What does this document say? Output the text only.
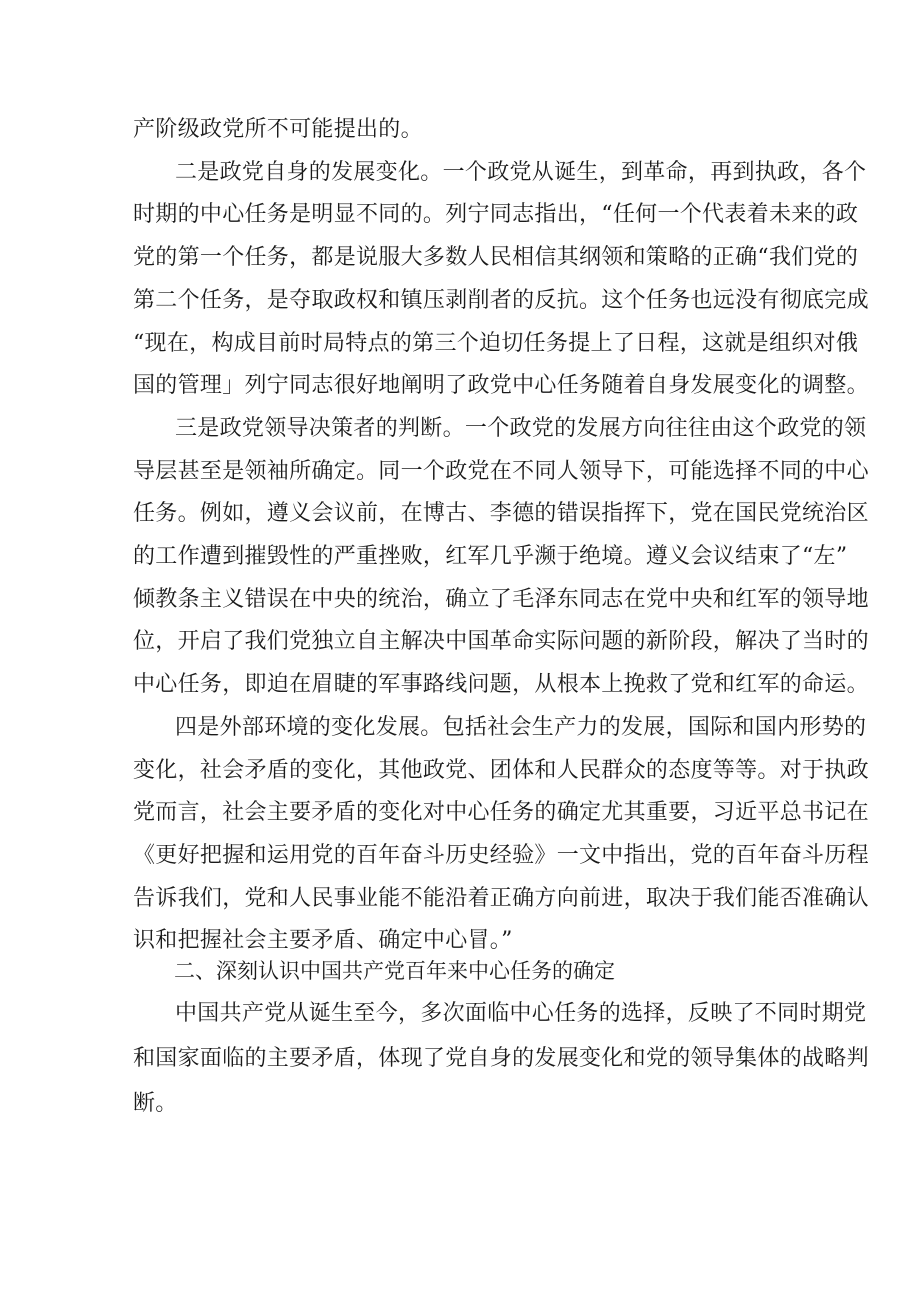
产阶级政党所不可能提出的。
二是政党自身的发展变化。一个政党从诞生，到革命，再到执政，各个
时期的中心任务是明显不同的。列宁同志指出，“任何一个代表着未来的政
党的第一个任务，都是说服大多数人民相信其纲领和策略的正确“我们党的
第二个任务，是夺取政权和镇压剥削者的反抗。这个任务也远没有彻底完成
“现在，构成目前时局特点的第三个迫切任务提上了日程，这就是组织对俄
国的管理」列宁同志很好地阐明了政党中心任务随着自身发展变化的调整。
三是政党领导决策者的判断。一个政党的发展方向往往由这个政党的领
导层甚至是领袖所确定。同一个政党在不同人领导下，可能选择不同的中心
任务。例如，遵义会议前，在博古、李德的错误指挥下，党在国民党统治区
的工作遭到摧毁性的严重挫败，红军几乎濒于绝境。遵义会议结束了“左”
倾教条主义错误在中央的统治，确立了毛泽东同志在党中央和红军的领导地
位，开启了我们党独立自主解决中国革命实际问题的新阶段，解决了当时的
中心任务，即迫在眉睫的军事路线问题，从根本上挽救了党和红军的命运。
四是外部环境的变化发展。包括社会生产力的发展，国际和国内形势的
变化，社会矛盾的变化，其他政党、团体和人民群众的态度等等。对于执政
党而言，社会主要矛盾的变化对中心任务的确定尤其重要，习近平总书记在
《更好把握和运用党的百年奋斗历史经验》一文中指出，党的百年奋斗历程
告诉我们，党和人民事业能不能沿着正确方向前进，取决于我们能否准确认
识和把握社会主要矛盾、确定中心冒。”
二、深刻认识中国共产党百年来中心任务的确定
中国共产党从诞生至今，多次面临中心任务的选择，反映了不同时期党
和国家面临的主要矛盾，体现了党自身的发展变化和党的领导集体的战略判
断。
